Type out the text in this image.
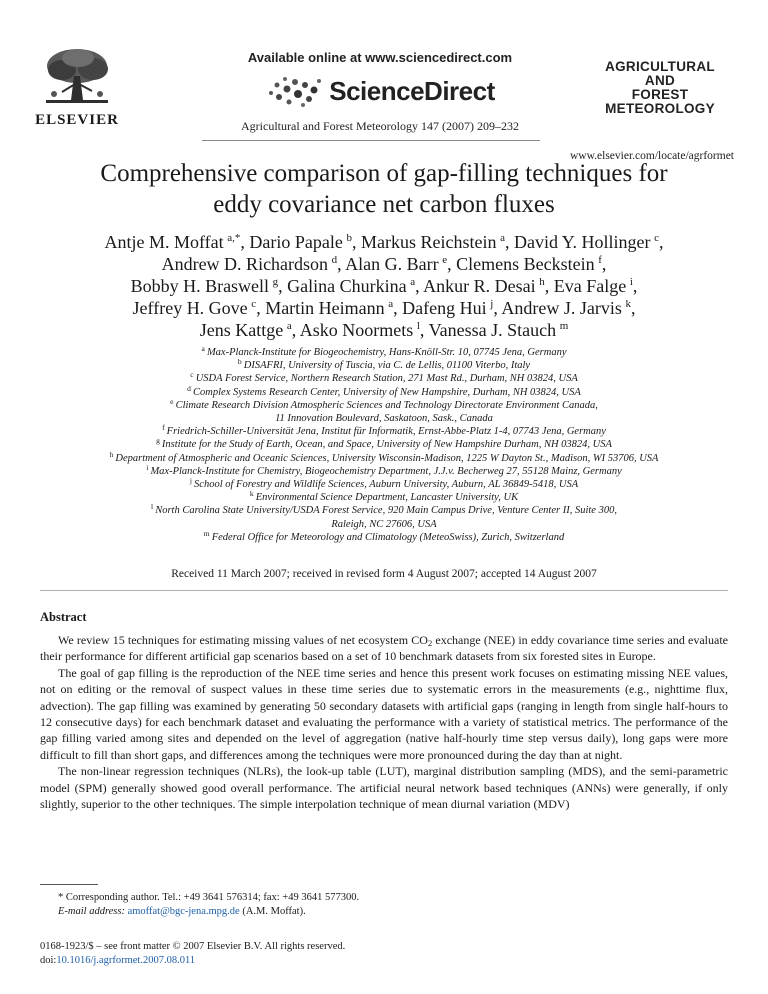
ELSEVIER
Available online at www.sciencedirect.com
ScienceDirect
Agricultural and Forest Meteorology 147 (2007) 209–232
AGRICULTURAL
AND
FOREST
METEOROLOGY
www.elsevier.com/locate/agrformet
Comprehensive comparison of gap-filling techniques for
eddy covariance net carbon fluxes
Antje M. Moffat  $^{a,*}$, Dario Papale  $^b$, Markus Reichstein  $^a$, David Y. Hollinger  $^c$,
Andrew D. Richardson  $^d$, Alan G. Barr  $^e$, Clemens Beckstein  $^f$,
Bobby H. Braswell  $^g$, Galina Churkina  $^a$, Ankur R. Desai  $^h$, Eva Falge  $^i$,
Jeffrey H. Gove  $^c$, Martin Heimann  $^a$, Dafeng Hui  $^j$, Andrew J. Jarvis  $^k$,
Jens Kattge  $^a$, Asko Noormets  $^l$, Vanessa J. Stauch  $^m$
$^a$  Max-Planck-Institute for Biogeochemistry, Hans-Knöll-Str. 10, 07745 Jena, Germany
$^b$  DISAFRI, University of Tuscia, via C. de Lellis, 01100 Viterbo, Italy
$^c$  USDA Forest Service, Northern Research Station, 271 Mast Rd., Durham, NH 03824, USA
$^d$  Complex Systems Research Center, University of New Hampshire, Durham, NH 03824, USA
$^e$  Climate Research Division Atmospheric Sciences and Technology Directorate Environment Canada,
11 Innovation Boulevard, Saskatoon, Sask., Canada
$^f$  Friedrich-Schiller-Universität Jena, Institut für Informatik, Ernst-Abbe-Platz 1-4, 07743 Jena, Germany
$^g$  Institute for the Study of Earth, Ocean, and Space, University of New Hampshire Durham, NH 03824, USA
$^h$  Department of Atmospheric and Oceanic Sciences, University Wisconsin-Madison, 1225 W Dayton St., Madison, WI 53706, USA
$^i$  Max-Planck-Institute for Chemistry, Biogeochemistry Department, J.J.v. Becherweg 27, 55128 Mainz, Germany
$^j$  School of Forestry and Wildlife Sciences, Auburn University, Auburn, AL 36849-5418, USA
$^k$  Environmental Science Department, Lancaster University, UK
$^l$  North Carolina State University/USDA Forest Service, 920 Main Campus Drive, Venture Center II, Suite 300,
Raleigh, NC 27606, USA
$^m$  Federal Office for Meteorology and Climatology (MeteoSwiss), Zurich, Switzerland
Received 11 March 2007; received in revised form 4 August 2007; accepted 14 August 2007
Abstract

We review 15 techniques for estimating missing values of net ecosystem $CO_2$ exchange (NEE) in eddy covariance time series and evaluate their performance for different artificial gap scenarios based on a set of 10 benchmark datasets from six forested sites in Europe.

The goal of gap filling is the reproduction of the NEE time series and hence this present work focuses on estimating missing NEE values, not on editing or the removal of suspect values in these time series due to systematic errors in the measurements (e.g., nighttime flux, advection). The gap filling was examined by generating 50 secondary datasets with artificial gaps (ranging in length from single half-hours to 12 consecutive days) for each benchmark dataset and evaluating the performance with a variety of statistical metrics. The performance of the gap filling varied among sites and depended on the level of aggregation (native half-hourly time step versus daily), long gaps were more difficult to fill than short gaps, and differences among the techniques were more pronounced during the day than at night.

The non-linear regression techniques (NLRs), the look-up table (LUT), marginal distribution sampling (MDS), and the semi-parametric model (SPM) generally showed good overall performance. The artificial neural network based techniques (ANNs) were generally, if only slightly, superior to the other techniques. The simple interpolation technique of mean diurnal variation (MDV)

* Corresponding author. Tel.: +49 3641 576314; fax: +49 3641 577300.
E-mail address: amoffat@bgc-jena.mpg.de (A.M. Moffat).
0168-1923/$ – see front matter © 2007 Elsevier B.V. All rights reserved.
doi:10.1016/j.agrformet.2007.08.011
